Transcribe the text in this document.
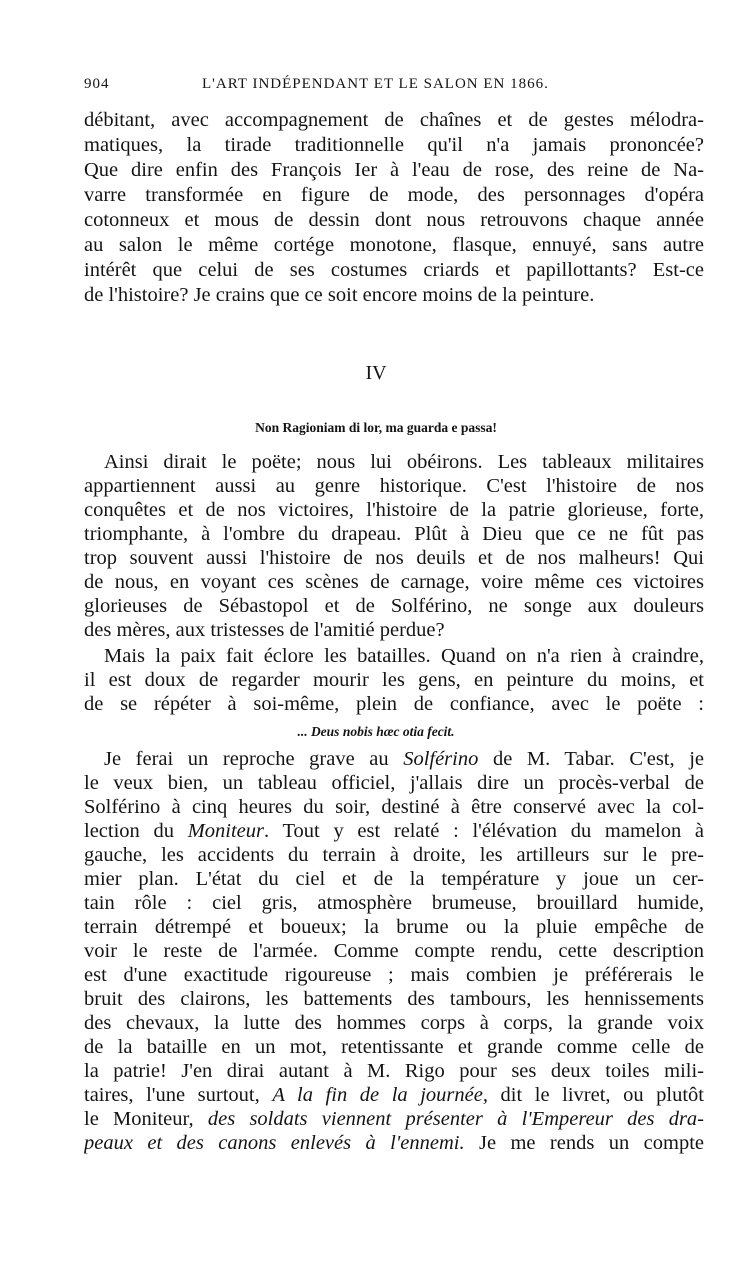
904	L'ART INDÉPENDANT ET LE SALON EN 1866.
débitant, avec accompagnement de chaînes et de gestes mélodra-
matiques, la tirade traditionnelle qu'il n'a jamais prononcée?
Que dire enfin des François Ier à l'eau de rose, des reine de Na-
varre transformée en figure de mode, des personnages d'opéra
cotonneux et mous de dessin dont nous retrouvons chaque année
au salon le même cortége monotone, flasque, ennuyé, sans autre
intérêt que celui de ses costumes criards et papillottants? Est-ce
de l'histoire? Je crains que ce soit encore moins de la peinture.
IV
Non Ragioniam di lor, ma guarda e passa!
Ainsi dirait le poëte; nous lui obéirons. Les tableaux militaires
appartiennent aussi au genre historique. C'est l'histoire de nos
conquêtes et de nos victoires, l'histoire de la patrie glorieuse, forte,
triomphante, à l'ombre du drapeau. Plût à Dieu que ce ne fût pas
trop souvent aussi l'histoire de nos deuils et de nos malheurs! Qui
de nous, en voyant ces scènes de carnage, voire même ces victoires
glorieuses de Sébastopol et de Solférino, ne songe aux douleurs
des mères, aux tristesses de l'amitié perdue?
Mais la paix fait éclore les batailles. Quand on n'a rien à craindre,
il est doux de regarder mourir les gens, en peinture du moins, et
de se répéter à soi-même, plein de confiance, avec le poëte :
... Deus nobis hæc otia fecit.
Je ferai un reproche grave au Solférino de M. Tabar. C'est, je
le veux bien, un tableau officiel, j'allais dire un procès-verbal de
Solférino à cinq heures du soir, destiné à être conservé avec la col-
lection du Moniteur. Tout y est relaté : l'élévation du mamelon à
gauche, les accidents du terrain à droite, les artilleurs sur le pre-
mier plan. L'état du ciel et de la température y joue un cer-
tain rôle : ciel gris, atmosphère brumeuse, brouillard humide,
terrain détrempé et boueux; la brume ou la pluie empêche de
voir le reste de l'armée. Comme compte rendu, cette description
est d'une exactitude rigoureuse ; mais combien je préférerais le
bruit des clairons, les battements des tambours, les hennissements
des chevaux, la lutte des hommes corps à corps, la grande voix
de la bataille en un mot, retentissante et grande comme celle de
la patrie! J'en dirai autant à M. Rigo pour ses deux toiles mili-
taires, l'une surtout, A la fin de la journée, dit le livret, ou plutôt
le Moniteur, des soldats viennent présenter à l'Empereur des dra-
peaux et des canons enlevés à l'ennemi. Je me rends un compte
